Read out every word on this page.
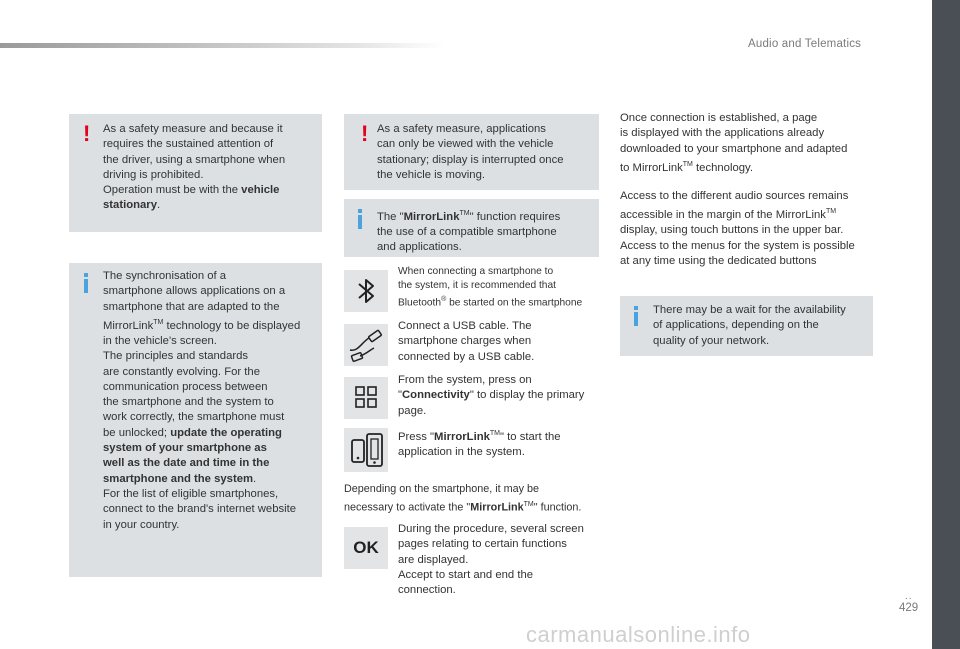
Audio and Telematics
! As a safety measure and because it
requires the sustained attention of
the driver, using a smartphone when
driving is prohibited.
Operation must be with the vehicle
stationary.
The synchronisation of a
smartphone allows applications on a
smartphone that are adapted to the
MirrorLink™ technology to be displayed
in the vehicle's screen.
The principles and standards
are constantly evolving. For the
communication process between
the smartphone and the system to
work correctly, the smartphone must
be unlocked; update the operating
system of your smartphone as
well as the date and time in the
smartphone and the system.
For the list of eligible smartphones,
connect to the brand's internet website
in your country.
! As a safety measure, applications
can only be viewed with the vehicle
stationary; display is interrupted once
the vehicle is moving.
The "MirrorLink™" function requires
the use of a compatible smartphone
and applications.
When connecting a smartphone to
the system, it is recommended that
Bluetooth® be started on the smartphone
Connect a USB cable. The
smartphone charges when
connected by a USB cable.
From the system, press on
"Connectivity" to display the primary
page.
Press "MirrorLink™" to start the
application in the system.
Depending on the smartphone, it may be
necessary to activate the "MirrorLink™" function.
OK
During the procedure, several screen
pages relating to certain functions
are displayed.
Accept to start and end the
connection.
Once connection is established, a page
is displayed with the applications already
downloaded to your smartphone and adapted
to MirrorLink™ technology.
Access to the different audio sources remains
accessible in the margin of the MirrorLink™
display, using touch buttons in the upper bar.
Access to the menus for the system is possible
at any time using the dedicated buttons
There may be a wait for the availability
of applications, depending on the
quality of your network.
..
429
carmanualsonline.info
